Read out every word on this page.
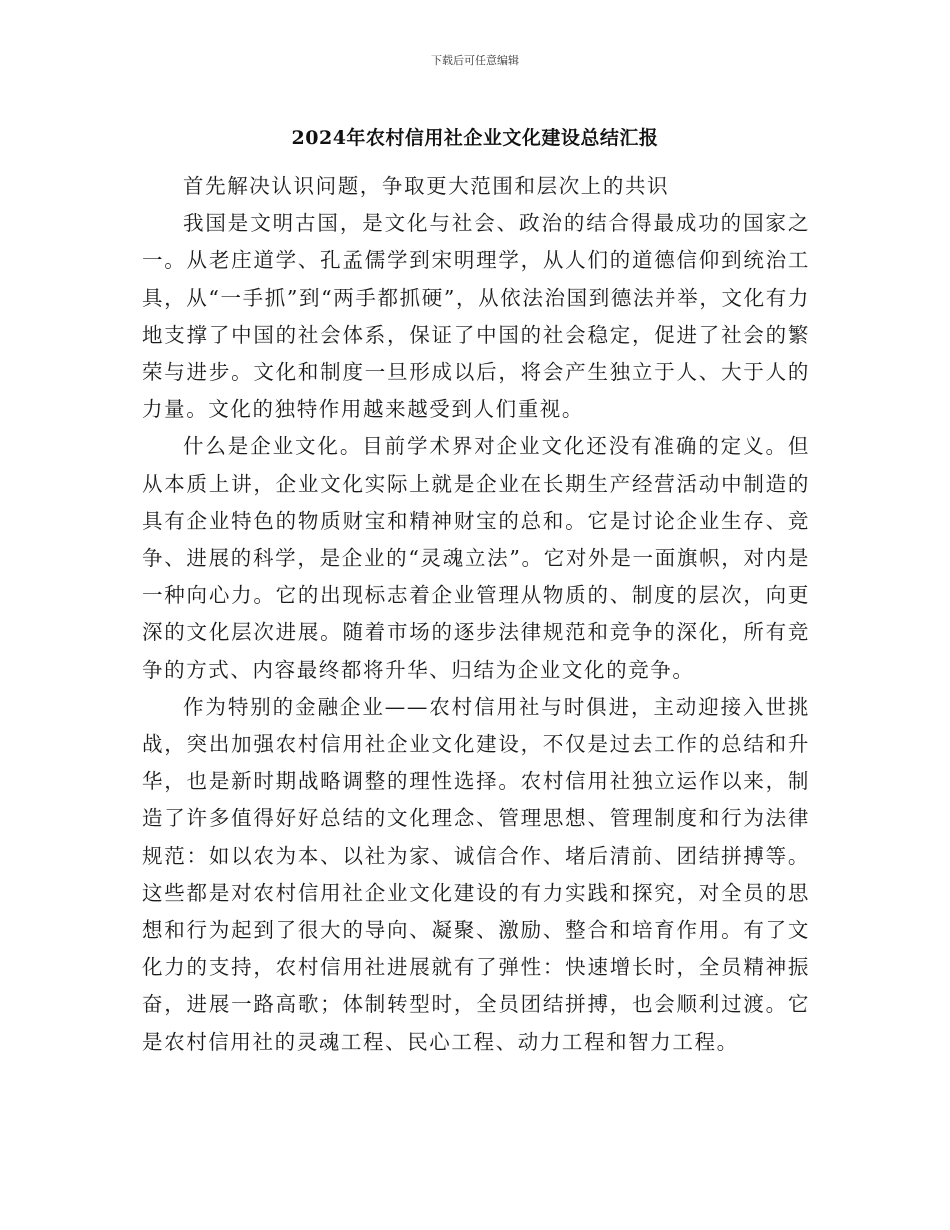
下载后可任意编辑
2024年农村信用社企业文化建设总结汇报

首先解决认识问题，争取更大范围和层次上的共识

我国是文明古国，是文化与社会、政治的结合得最成功的国家之一。从老庄道学、孔孟儒学到宋明理学，从人们的道德信仰到统治工具，从“一手抓”到“两手都抓硬”，从依法治国到德法并举，文化有力地支撑了中国的社会体系，保证了中国的社会稳定，促进了社会的繁荣与进步。文化和制度一旦形成以后，将会产生独立于人、大于人的力量。文化的独特作用越来越受到人们重视。

什么是企业文化。目前学术界对企业文化还没有准确的定义。但从本质上讲，企业文化实际上就是企业在长期生产经营活动中制造的具有企业特色的物质财宝和精神财宝的总和。它是讨论企业生存、竞争、进展的科学，是企业的“灵魂立法”。它对外是一面旗帜，对内是一种向心力。它的出现标志着企业管理从物质的、制度的层次，向更深的文化层次进展。随着市场的逐步法律规范和竞争的深化，所有竞争的方式、内容最终都将升华、归结为企业文化的竞争。

作为特别的金融企业——农村信用社与时俱进，主动迎接入世挑战，突出加强农村信用社企业文化建设，不仅是过去工作的总结和升华，也是新时期战略调整的理性选择。农村信用社独立运作以来，制造了许多值得好好总结的文化理念、管理思想、管理制度和行为法律规范：如以农为本、以社为家、诚信合作、堵后清前、团结拼搏等。这些都是对农村信用社企业文化建设的有力实践和探究，对全员的思想和行为起到了很大的导向、凝聚、激励、整合和培育作用。有了文化力的支持，农村信用社进展就有了弹性：快速增长时，全员精神振奋，进展一路高歌；体制转型时，全员团结拼搏，也会顺利过渡。它是农村信用社的灵魂工程、民心工程、动力工程和智力工程。
